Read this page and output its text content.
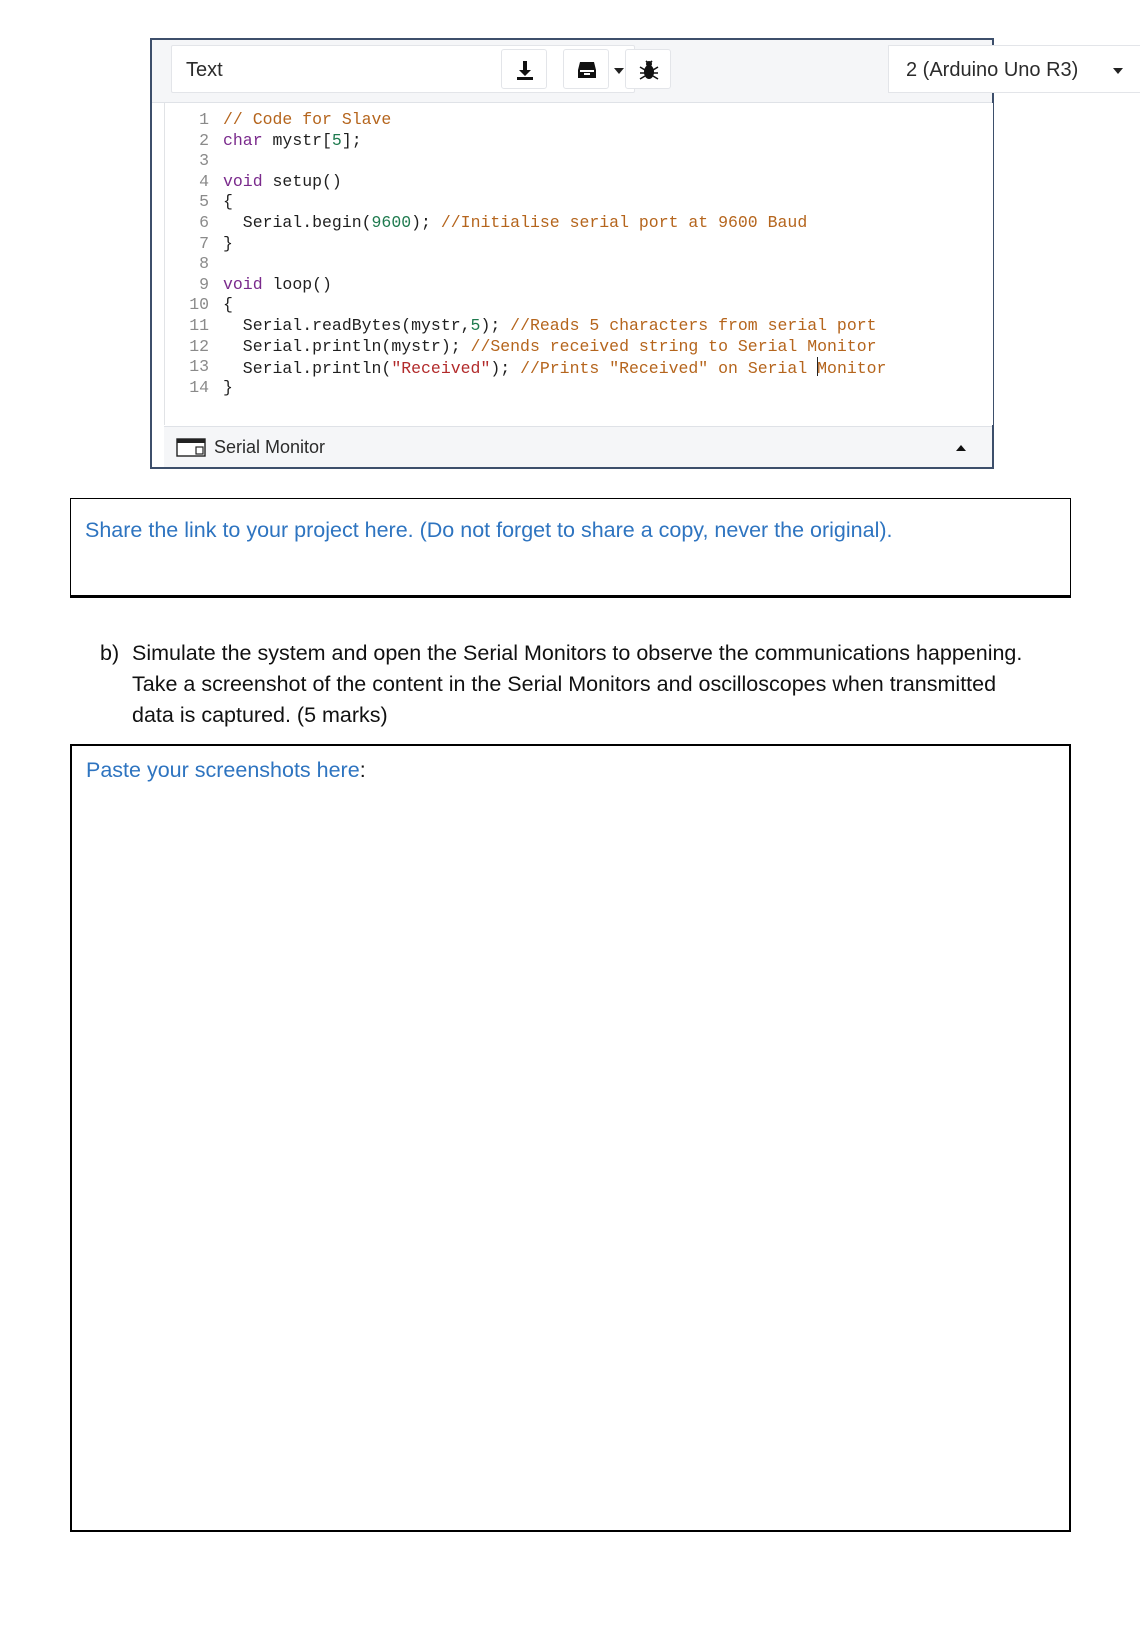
Text	2 (Arduino Uno R3)
1 // Code for Slave
2 char mystr[5];
3
4 void setup()
5 {
6 Serial.begin(9600); //Initialise serial port at 9600 Baud
7 }
8
9 void loop()
10 {
11 Serial.readBytes(mystr,5); //Reads 5 characters from serial port
12 Serial.println(mystr); //Sends received string to Serial Monitor
13 Serial.println("Received"); //Prints "Received" on Serial Monitor
14 }
Serial Monitor
Share the link to your project here. (Do not forget to share a copy, never the original).
b) Simulate the system and open the Serial Monitors to observe the communications happening.
Take a screenshot of the content in the Serial Monitors and oscilloscopes when transmitted
data is captured. (5 marks)
Paste your screenshots here:
